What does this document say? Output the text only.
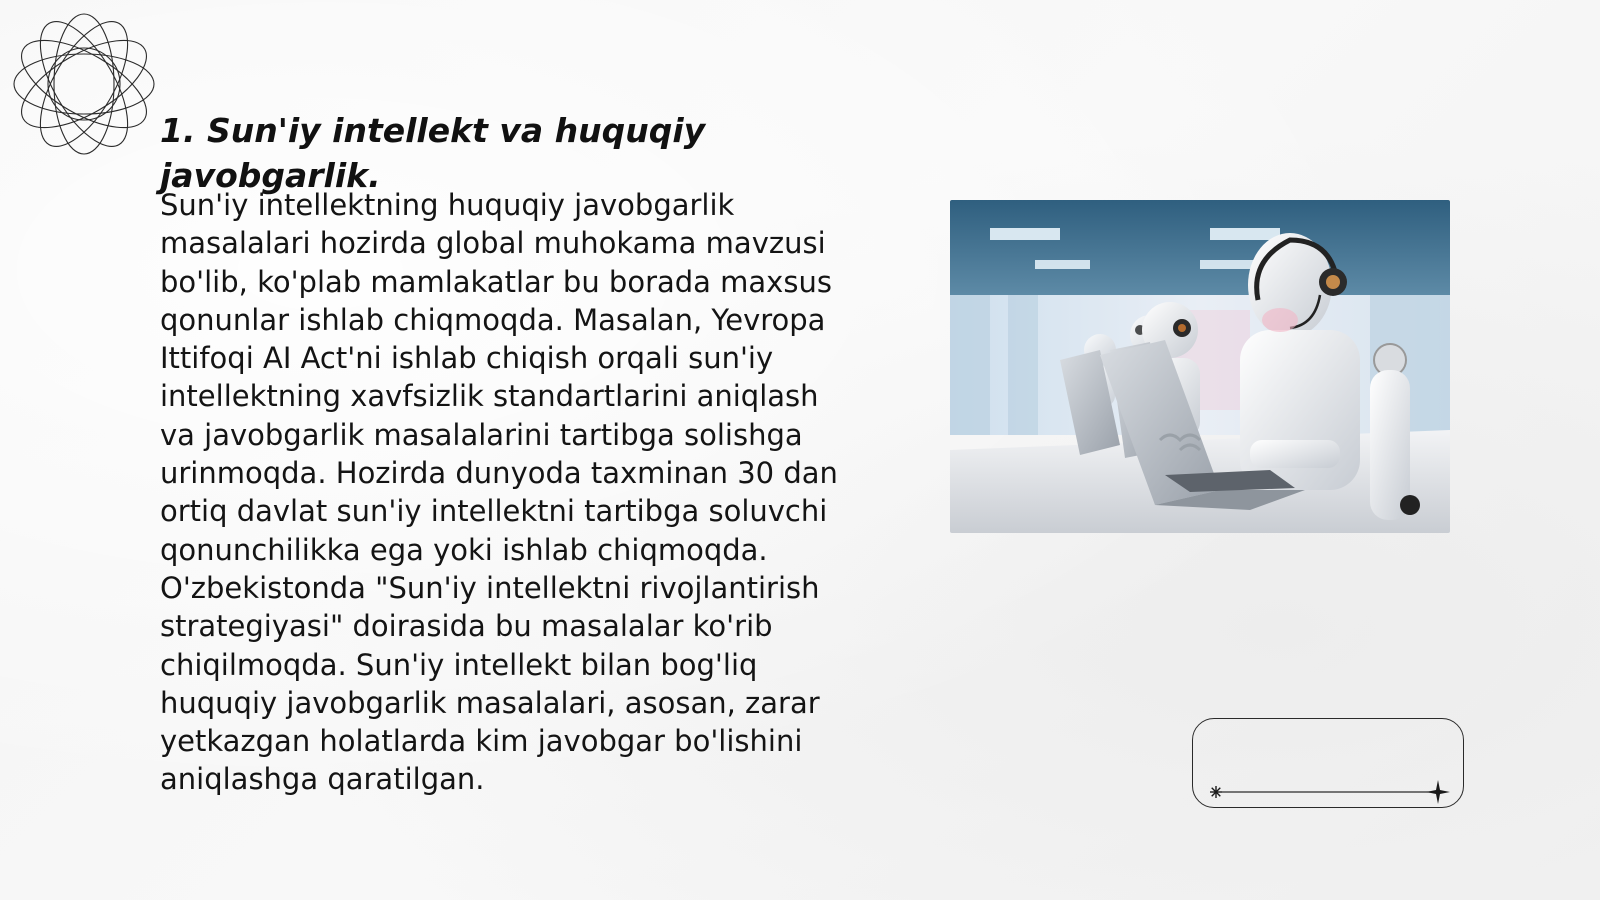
1. Sun'iy intellekt va huquqiy javobgarlik.

Sun'iy intellektning huquqiy javobgarlik masalalari hozirda global muhokama mavzusi bo'lib, ko'plab mamlakatlar bu borada maxsus qonunlar ishlab chiqmoqda. Masalan, Yevropa Ittifoqi AI Act'ni ishlab chiqish orqali sun'iy intellektning xavfsizlik standartlarini aniqlash va javobgarlik masalalarini tartibga solishga urinmoqda. Hozirda dunyoda taxminan 30 dan ortiq davlat sun'iy intellektni tartibga soluvchi qonunchilikka ega yoki ishlab chiqmoqda. O'zbekistonda "Sun'iy intellektni rivojlantirish strategiyasi" doirasida bu masalalar ko'rib chiqilmoqda. Sun'iy intellekt bilan bog'liq huquqiy javobgarlik masalalari, asosan, zarar yetkazgan holatlarda kim javobgar bo'lishini aniqlashga qaratilgan.
